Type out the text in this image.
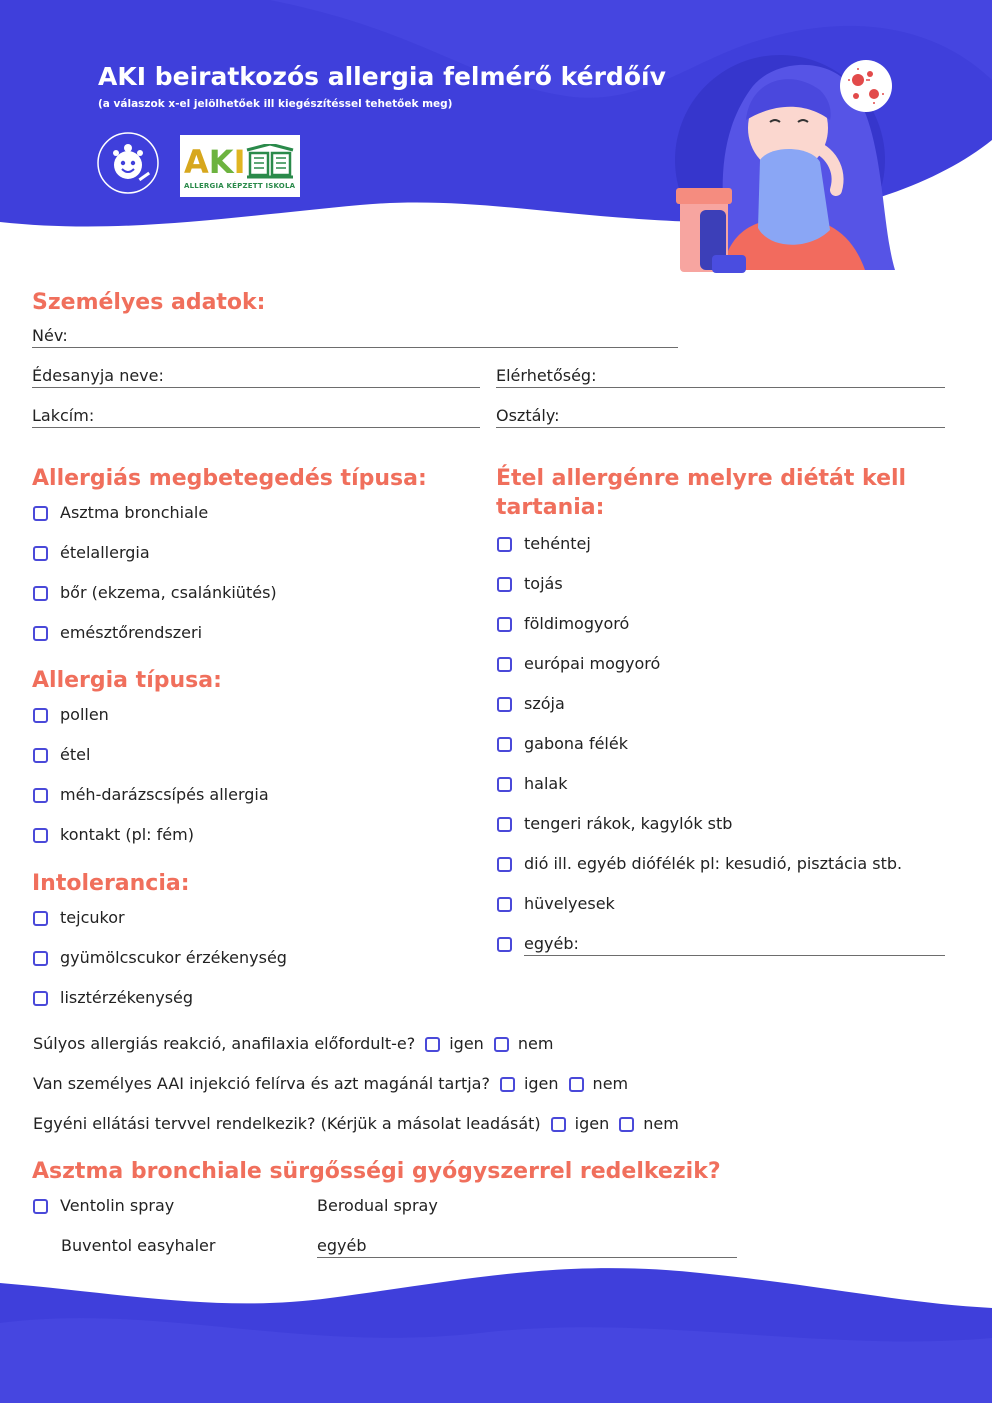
AKI beiratkozós allergia felmérő kérdőív
(a válaszok x-el jelölhetőek ill kiegészítéssel tehetőek meg)
A K I
ALLERGIA KÉPZETT ISKOLA
Személyes adatok:
Név:
Édesanyja neve:	Elérhetőség:
Lakcím:	Osztály:
Allergiás megbetegedés típusa:
Asztma bronchiale
ételallergia
bőr (ekzema, csalánkiütés)
emésztőrendszeri
Allergia típusa:
pollen
étel
méh-darázscsípés allergia
kontakt (pl: fém)
Intolerancia:
tejcukor
gyümölcscukor érzékenység
lisztérzékenység
Étel allergénre melyre diétát kell
tartania:
tehéntej
tojás
földimogyoró
európai mogyoró
szója
gabona félék
halak
tengeri rákok, kagylók stb
dió ill. egyéb diófélék pl: kesudió, pisztácia stb.
hüvelyesek
egyéb:
Súlyos allergiás reakció, anafilaxia előfordult-e? igen nem
Van személyes AAI injekció felírva és azt magánál tartja? igen nem
Egyéni ellátási tervvel rendelkezik? (Kérjük a másolat leadását) igen nem
Asztma bronchiale sürgősségi gyógyszerrel redelkezik?
Ventolin spray	Berodual spray
Buventol easyhaler	egyéb
